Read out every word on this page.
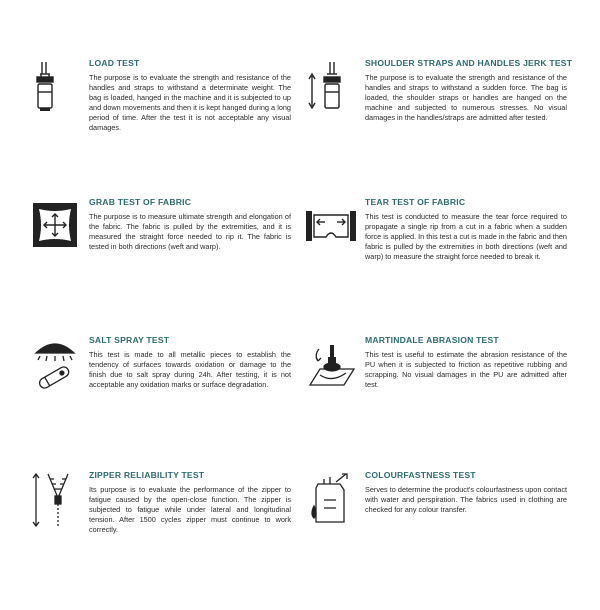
LOAD TEST

The purpose is to evaluate the strength and resistance of the handles and straps to withstand a determinate weight. The bag is loaded, hanged in the machine and it is subjected to up and down movements and then it is kept hanged during a long period of time. After the test it is not acceptable any visual damages.

SHOULDER STRAPS AND HANDLES JERK TEST

The purpose is to evaluate the strength and resistance of the handles and straps to withstand a sudden force. The bag is loaded, the shoulder straps or handles are hanged on the machine and subjected to numerous stresses. No visual damages in the handles/straps are admitted after tested.

GRAB TEST OF FABRIC

The purpose is to measure ultimate strength and elongation of the fabric. The fabric is pulled by the extremities, and it is measured the straight force needed to rip it. The fabric is tested in both directions (weft and warp).

TEAR TEST OF FABRIC

This test is conducted to measure the tear force required to propagate a single rip from a cut in a fabric when a sudden force is applied. In this test a cut is made in the fabric and then fabric is pulled by the extremities in both directions (weft and warp) to measure the straight force needed to break it.

SALT SPRAY TEST

This test is made to all metallic pieces to establish the tendency of surfaces towards oxidation or damage to the finish due to salt spray during 24h. After testing, it is not acceptable any oxidation marks or surface degradation.

MARTINDALE ABRASION TEST

This test is useful to estimate the abrasion resistance of the PU when it is subjected to friction as repetitive rubbing and scrapping. No visual damages in the PU are admitted after test.

ZIPPER RELIABILITY TEST

Its purpose is to evaluate the performance of the zipper to fatigue caused by the open-close function. The zipper is subjected to fatigue while under lateral and longitudinal tension. After 1500 cycles zipper must continue to work correctly.

COLOURFASTNESS TEST

Serves to determine the product's colourfastness upon contact with water and perspiration. The fabrics used in clothing are checked for any colour transfer.
